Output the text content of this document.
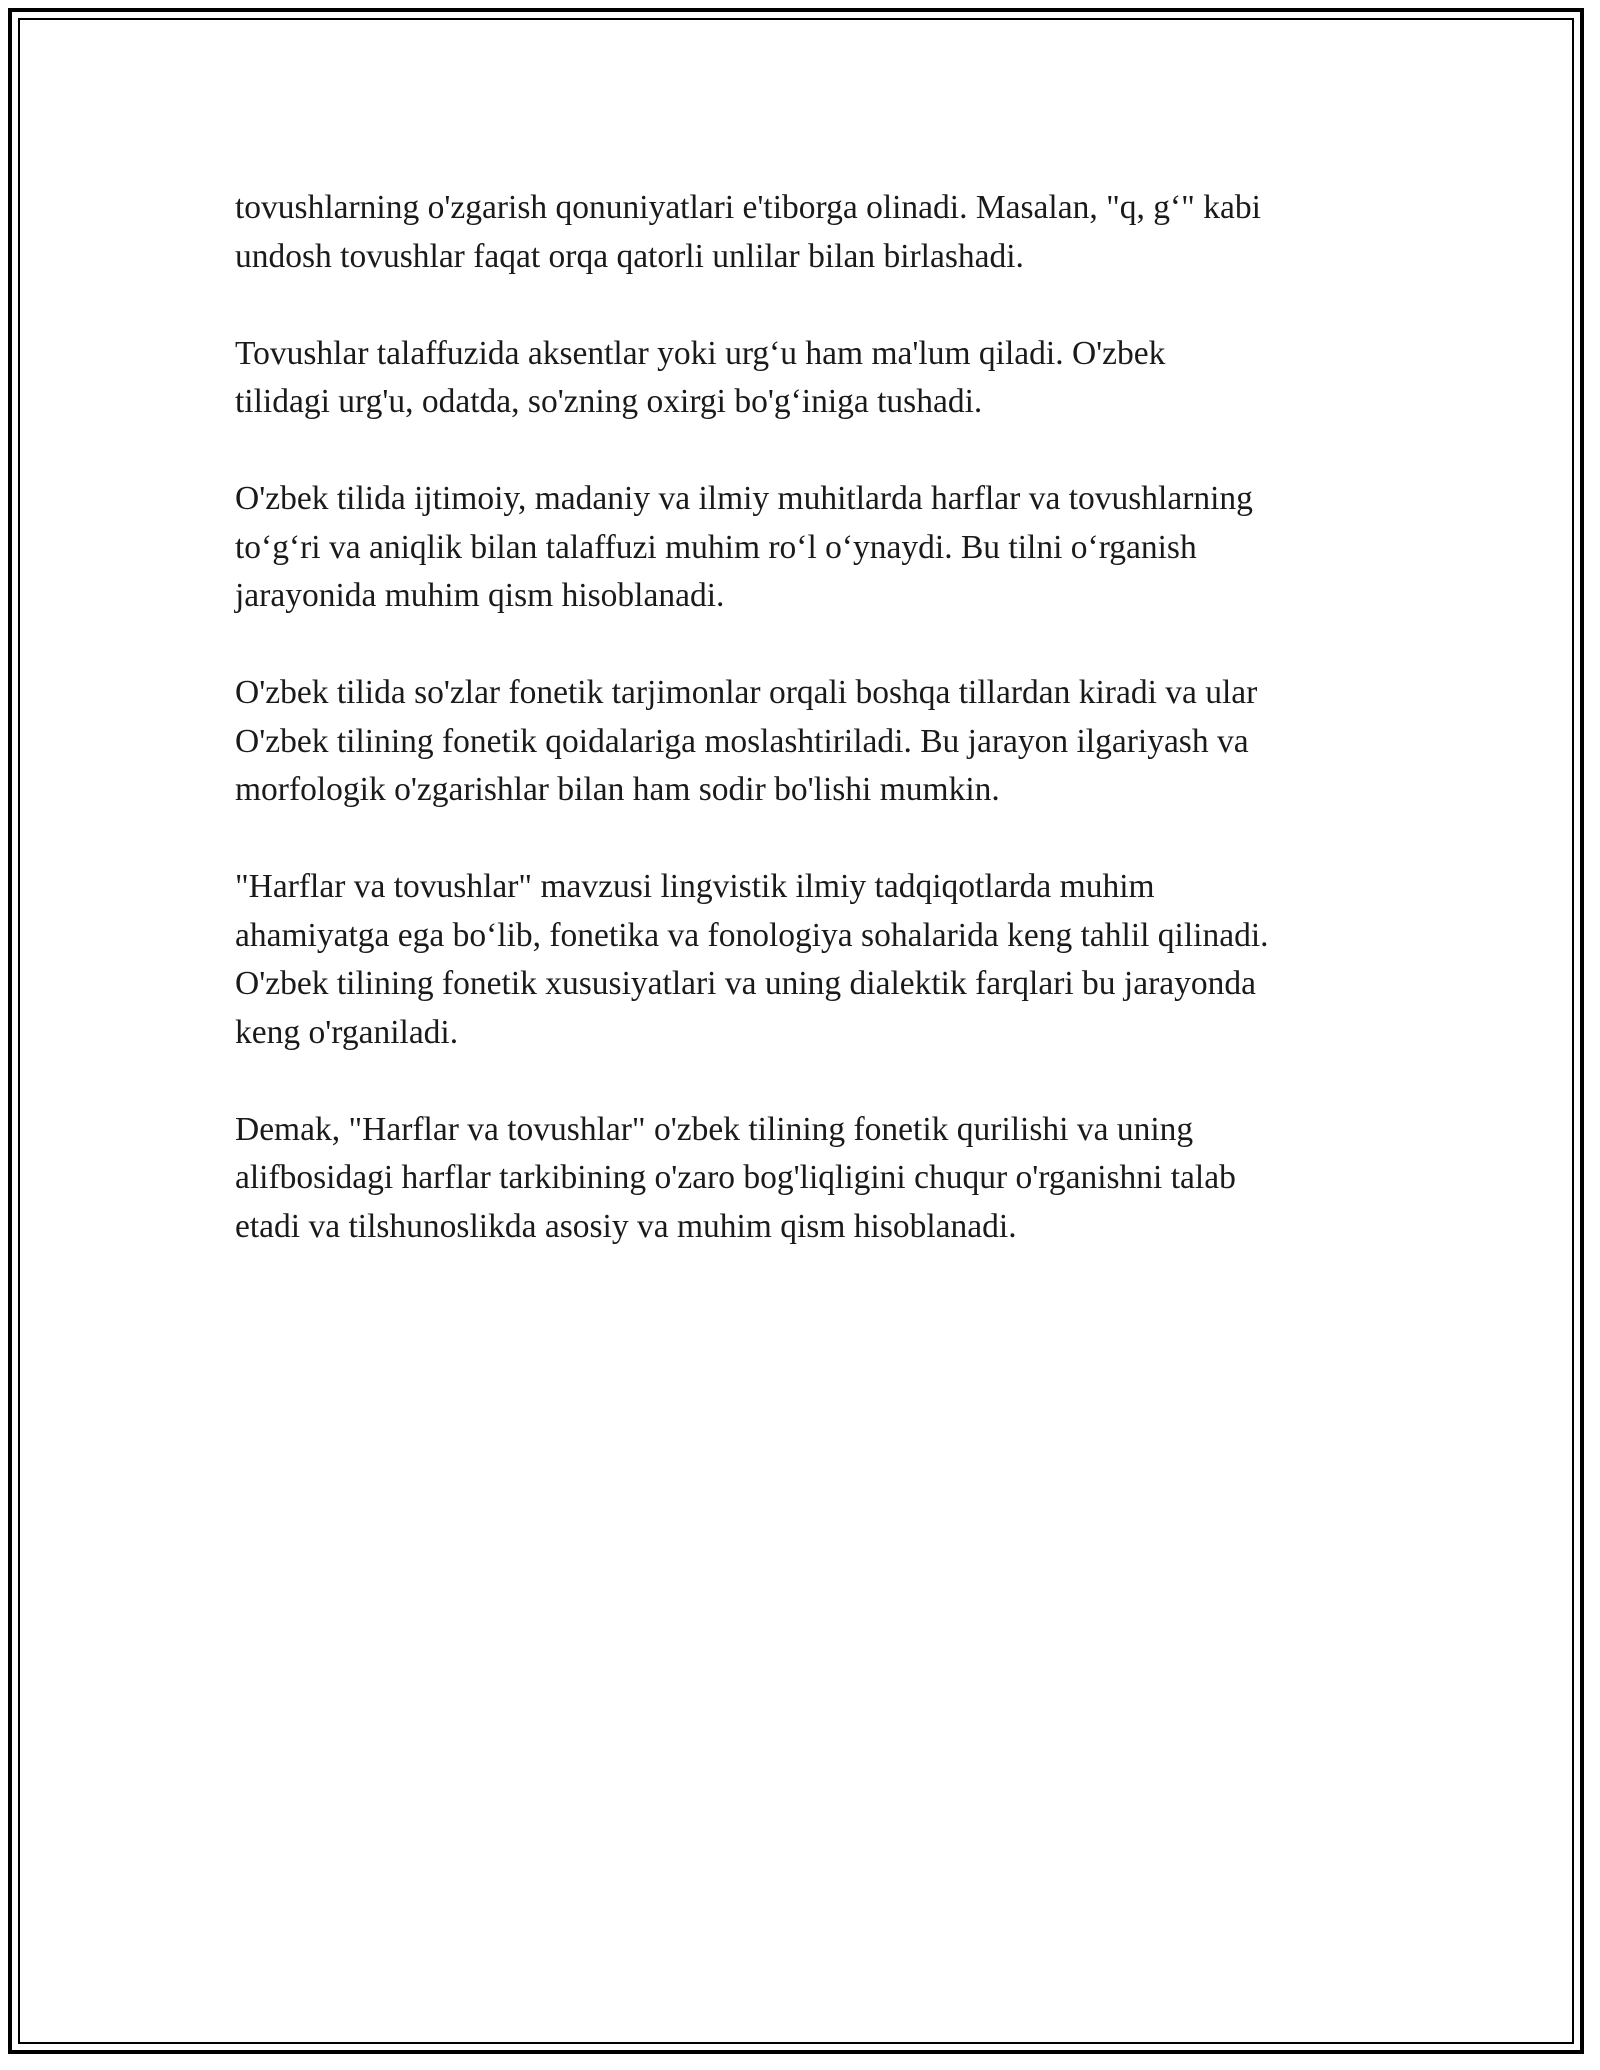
tovushlarning o'zgarish qonuniyatlari e'tiborga olinadi. Masalan, "q, gʻ" kabi
undosh tovushlar faqat orqa qatorli unlilar bilan birlashadi.

Tovushlar talaffuzida aksentlar yoki urgʻu ham ma'lum qiladi. O'zbek
tilidagi urg'u, odatda, so'zning oxirgi bo'gʻiniga tushadi.

O'zbek tilida ijtimoiy, madaniy va ilmiy muhitlarda harflar va tovushlarning
toʻgʻri va aniqlik bilan talaffuzi muhim roʻl oʻynaydi. Bu tilni oʻrganish
jarayonida muhim qism hisoblanadi.

O'zbek tilida so'zlar fonetik tarjimonlar orqali boshqa tillardan kiradi va ular
O'zbek tilining fonetik qoidalariga moslashtiriladi. Bu jarayon ilgariyash va
morfologik o'zgarishlar bilan ham sodir bo'lishi mumkin.

"Harflar va tovushlar" mavzusi lingvistik ilmiy tadqiqotlarda muhim
ahamiyatga ega boʻlib, fonetika va fonologiya sohalarida keng tahlil qilinadi.
O'zbek tilining fonetik xususiyatlari va uning dialektik farqlari bu jarayonda
keng o'rganiladi.

Demak, "Harflar va tovushlar" o'zbek tilining fonetik qurilishi va uning
alifbosidagi harflar tarkibining o'zaro bog'liqligini chuqur o'rganishni talab
etadi va tilshunoslikda asosiy va muhim qism hisoblanadi.
